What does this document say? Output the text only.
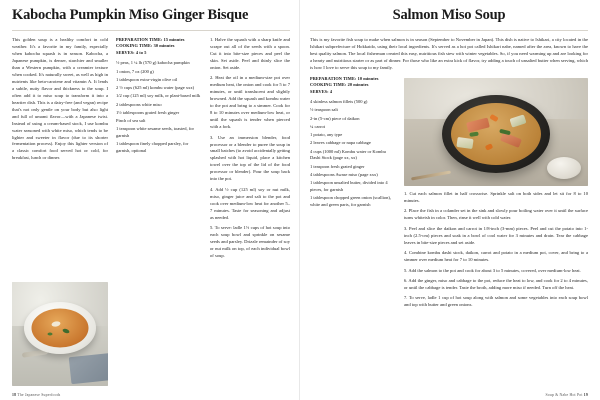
Kabocha Pumpkin Miso Ginger Bisque

This golden soup is a healthy comfort in cold weather. It's a favorite in my family, especially when kabocha squash is in season. Kabocha, a Japanese pumpkin, is denser, starchier and smaller than a Western pumpkin, with a creamier texture when cooked. It's naturally sweet, as well as high in nutrients like beta-carotene and vitamin A. It lends a subtle, nutty flavor and thickness to the soup. I often add it to miso soup to transform it into a heartier dish. This is a dairy-free (and vegan) recipe that's not only gentle on your body but also light and full of umami flavor—with a Japanese twist. Instead of using a cream-based stock, I use kombu water seasoned with white miso, which tends to be lighter and sweeter in flavor (due to its shorter fermentation process). Enjoy this lighter version of a classic comfort food served hot or cold, for breakfast, lunch or dinner.

PREPARATION TIME: 15 minutes
COOKING TIME: 30 minutes
SERVES: 4 to 5
½ peas, 1 ¼ lb (570 g) kabocha pumpkin
1 onion, 7 oz (200 g)
1 tablespoon extra-virgin olive oil
2 ½ cups (625 ml) kombu water (page xxx)
1/2 cup (125 ml) soy milk, or plant-based milk
2 tablespoons white miso
1½ tablespoons grated fresh ginger
Pinch of sea salt
1 teaspoon white sesame seeds, toasted, for garnish
1 tablespoon finely chopped parsley, for garnish, optional
1. Halve the squash with a sharp knife and scrape out all of the seeds with a spoon. Cut it into bite-size pieces and peel the skin. Set aside. Peel and thinly slice the onion. Set aside.
2. Heat the oil in a medium-size pot over medium heat, the onion and cook for 5 to 7 minutes, or until translucent and slightly browned. Add the squash and kombu water to the pot and bring to a simmer. Cook for 8 to 10 minutes over medium-low heat, or until the squash is tender when pierced with a fork.
3. Use an immersion blender, food processor or a blender to puree the soup in small batches (to avoid accidentally getting splashed with hot liquid, place a kitchen towel over the top of the lid of the food processor or blender). Pour the soup back into the pot.
4. Add ½ cup (125 ml) soy or nut milk, miso, ginger juice and salt to the pot and cook over medium-low heat for another 5–7 minutes. Taste for seasoning and adjust as needed.
5. To serve: ladle 1½ cups of hot soup into each soup bowl and sprinkle on sesame seeds and parsley. Drizzle remainder of soy or nut milk on top, of each individual bowl of soup.
18 The Japanese Superfoods
Salmon Miso Soup

This is my favorite fish soup to make when salmon is in season (September to November in Japan). This dish is native to Ishikari, a city located in the Ishikari subprefecture of Hokkaido, using their local ingredients. It's served as a hot pot called Ishikari nabe, named after the area, known to have the best quality salmon. The local fisherman created this easy, nutritious fish stew with winter vegetables. So, if you need warming up and are looking for a hearty and nutritious starter or as part of dinner. For those who like an extra kick of flavor, try adding a touch of unsalted butter when serving, which is how I love to serve this soup to my family.

PREPARATION TIME: 10 minutes
COOKING TIME: 20 minutes
SERVES: 4
4 skinless salmon fillets (500 g)
½ teaspoon salt
2-in (5-cm) piece of daikon
¼ carrot
1 potato, any type
2 leaves cabbage or napa cabbage
4 cups (1000 ml) Kombu water or Kombu Dashi Stock (page xx, xx)
1 teaspoon fresh grated ginger
4 tablespoons Awase miso (page xxx)
1 tablespoon unsalted butter, divided into 4 pieces, for garnish
1 tablespoon chopped green onion (scallion), white and green parts, for garnish
1. Cut each salmon fillet in half crosswise. Sprinkle salt on both sides and let sit for 8 to 10 minutes.
2. Place the fish in a colander set in the sink and slowly pour boiling water over it until the surface turns whiteish in color. Then, rinse it well with cold water.
3. Peel and slice the daikon and carrot in 1/8-inch (3-mm) pieces. Peel and cut the potato into 1-inch (2.5-cm) pieces and soak in a bowl of cool water for 3 minutes and drain. Tear the cabbage leaves in bite-size pieces and set aside.
4. Combine kombu dashi stock, daikon, carrot and potato in a medium pot, cover, and bring to a simmer over medium heat for 7 to 10 minutes.
5. Add the salmon to the pot and cook for about 3 to 5 minutes, covered, over medium-low heat.
6. Add the ginger, miso and cabbage to the pot, reduce the heat to low, and cook for 2 to 4 minutes, or until the cabbage is tender. Taste the broth, adding more miso if needed. Turn off the heat.
7. To serve, ladle 1 cup of hot soup along with salmon and some vegetables into each soup bowl and top with butter and green onions.
Soup & Nabe Hot Pot 19
